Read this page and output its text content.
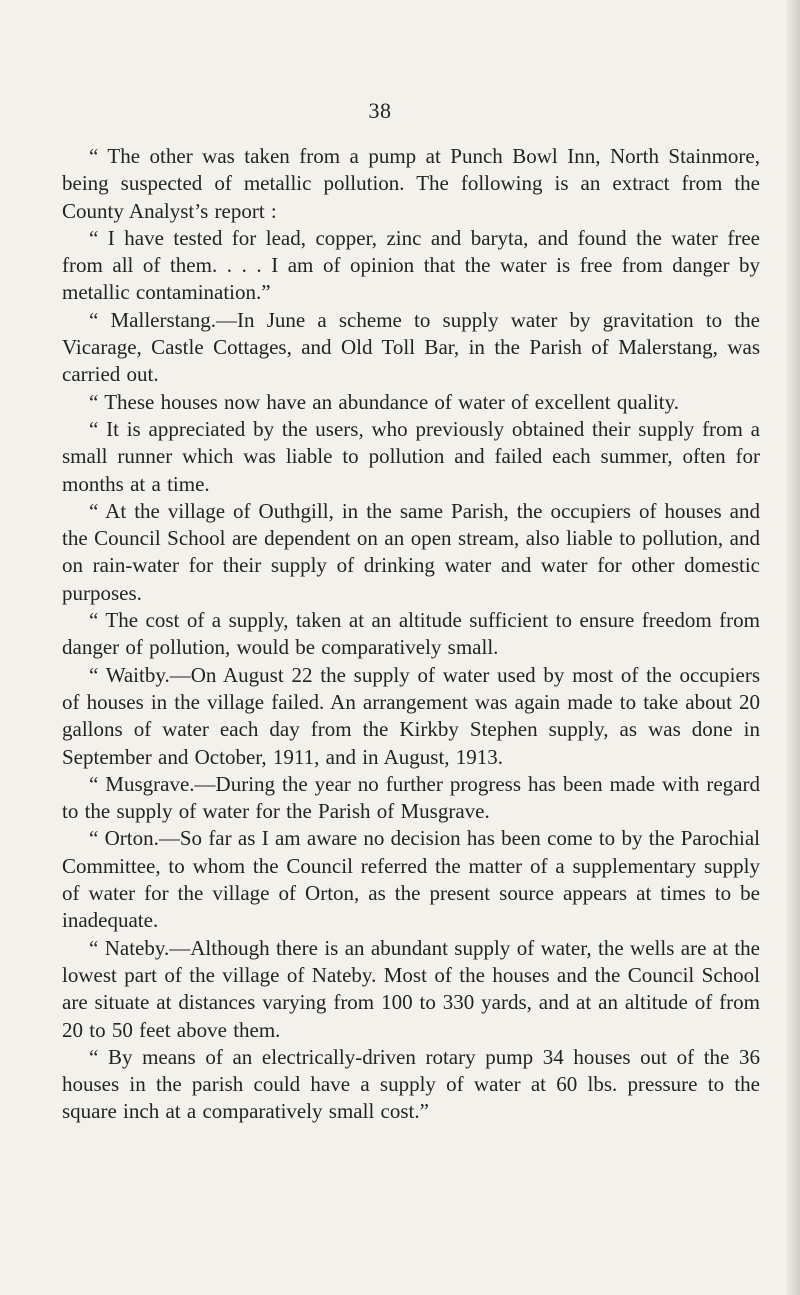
38

“ The other was taken from a pump at Punch Bowl Inn, North Stainmore, being suspected of metallic pollution. The following is an extract from the County Analyst’s report :

“ I have tested for lead, copper, zinc and baryta, and found the water free from all of them. . . . I am of opinion that the water is free from danger by metallic contamination.”

“ Mallerstang.—In June a scheme to supply water by gravitation to the Vicarage, Castle Cottages, and Old Toll Bar, in the Parish of Malerstang, was carried out.

“ These houses now have an abundance of water of excellent quality.

“ It is appreciated by the users, who previously obtained their supply from a small runner which was liable to pollution and failed each summer, often for months at a time.

“ At the village of Outhgill, in the same Parish, the occupiers of houses and the Council School are dependent on an open stream, also liable to pollution, and on rain-water for their supply of drinking water and water for other domestic purposes.

“ The cost of a supply, taken at an altitude sufficient to ensure freedom from danger of pollution, would be comparatively small.

“ Waitby.—On August 22 the supply of water used by most of the occupiers of houses in the village failed. An arrangement was again made to take about 20 gallons of water each day from the Kirkby Stephen supply, as was done in September and October, 1911, and in August, 1913.

“ Musgrave.—During the year no further progress has been made with regard to the supply of water for the Parish of Musgrave.

“ Orton.—So far as I am aware no decision has been come to by the Parochial Committee, to whom the Council referred the matter of a supplementary supply of water for the village of Orton, as the present source appears at times to be inadequate.

“ Nateby.—Although there is an abundant supply of water, the wells are at the lowest part of the village of Nateby. Most of the houses and the Council School are situate at distances varying from 100 to 330 yards, and at an altitude of from 20 to 50 feet above them.

“ By means of an electrically-driven rotary pump 34 houses out of the 36 houses in the parish could have a supply of water at 60 lbs. pressure to the square inch at a comparatively small cost.”
